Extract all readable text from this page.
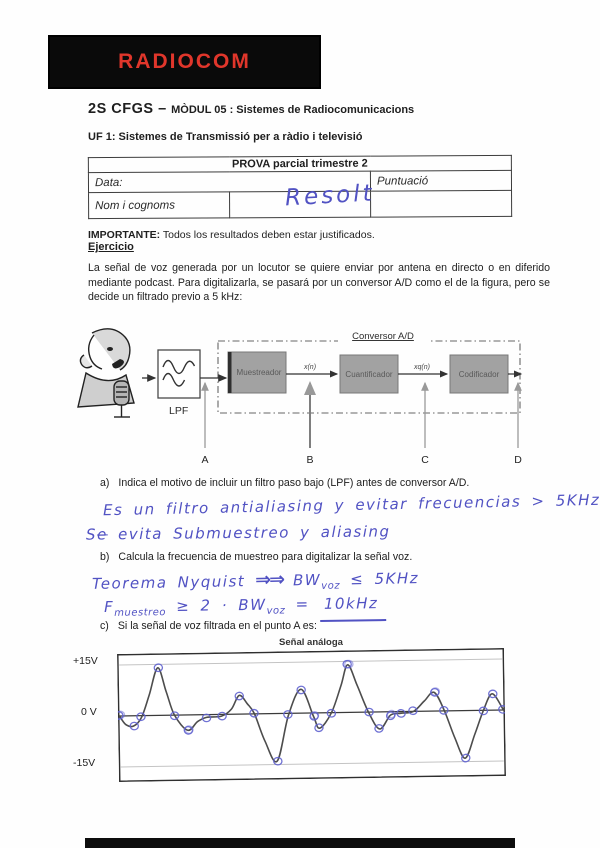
RADIOCOM
2S CFGS – MÒDUL 05 : Sistemes de Radiocomunicacions
UF 1: Sistemes de Transmissió per a ràdio i televisió
PROVA parcial trimestre 2		
Data:		Puntuació
Nom i cognoms	Resolt	

IMPORTANTE: Todos los resultados deben estar justificados.

Ejercicio

La señal de voz generada por un locutor se quiere enviar por antena en directo o en diferido mediante podcast. Para digitalizarla, se pasará por un conversor A/D como el de la figura, pero se decide un filtrado previo a 5 kHz:

LPF
Conversor A/D
Muestreador
x(n)
Cuantificador
xq(n)
Codificador
A	B	C	D
a) Indica el motivo de incluir un filtro paso bajo (LPF) antes de conversor A/D.
Es un filtro antialiasing y evitar frecuencias > 5KHz
Se evita Submuestreo y aliasing
b) Calcula la frecuencia de muestreo para digitalizar la señal voz.
Teorema Nyquist ⇒⇒ $BW_{voz} \le 5KHz$
$F_{muestreo} \ge 2 \cdot BW_{voz} = 10kHz$
c) Si la señal de voz filtrada en el punto A es:
Señal análoga
+15V
0 V
-15V
